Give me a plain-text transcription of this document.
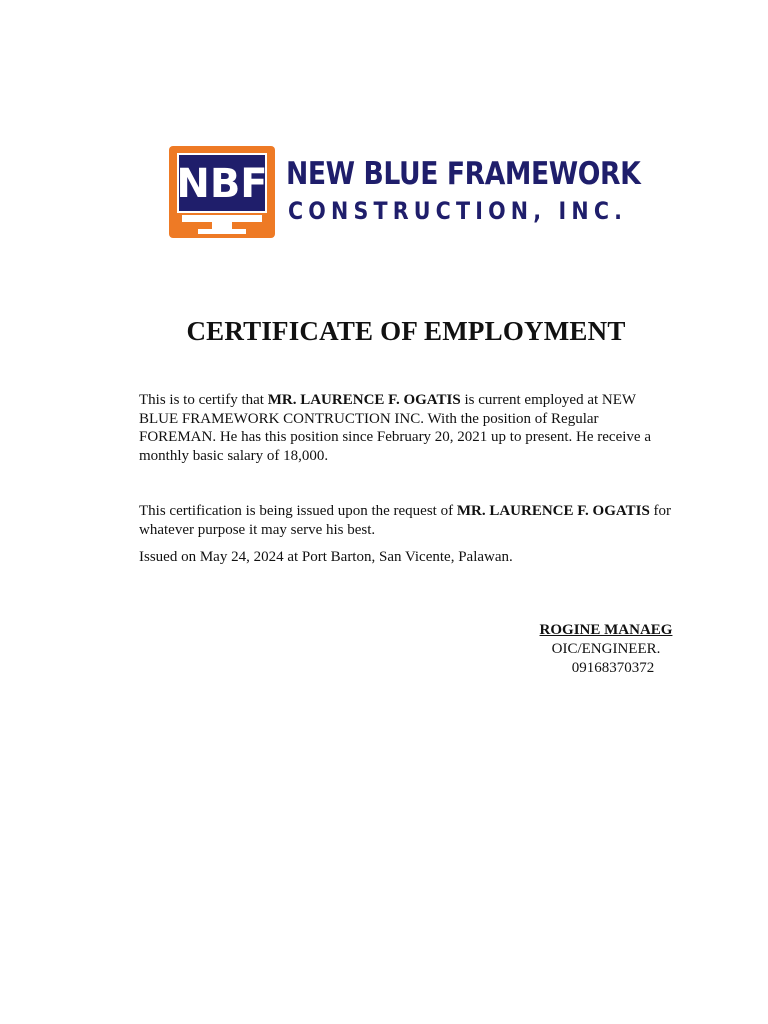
NBF NEW BLUE FRAMEWORK
CONSTRUCTION, INC.
CERTIFICATE OF EMPLOYMENT

This is to certify that MR. LAURENCE F. OGATIS is current employed at NEW BLUE FRAMEWORK CONTRUCTION INC. With the position of Regular FOREMAN. He has this position since February 20, 2021 up to present. He receive a monthly basic salary of 18,000.

This certification is being issued upon the request of MR. LAURENCE F. OGATIS for whatever purpose it may serve his best.

Issued on May 24, 2024 at Port Barton, San Vicente, Palawan.

ROGINE MANAEG
OIC/ENGINEER.
09168370372
